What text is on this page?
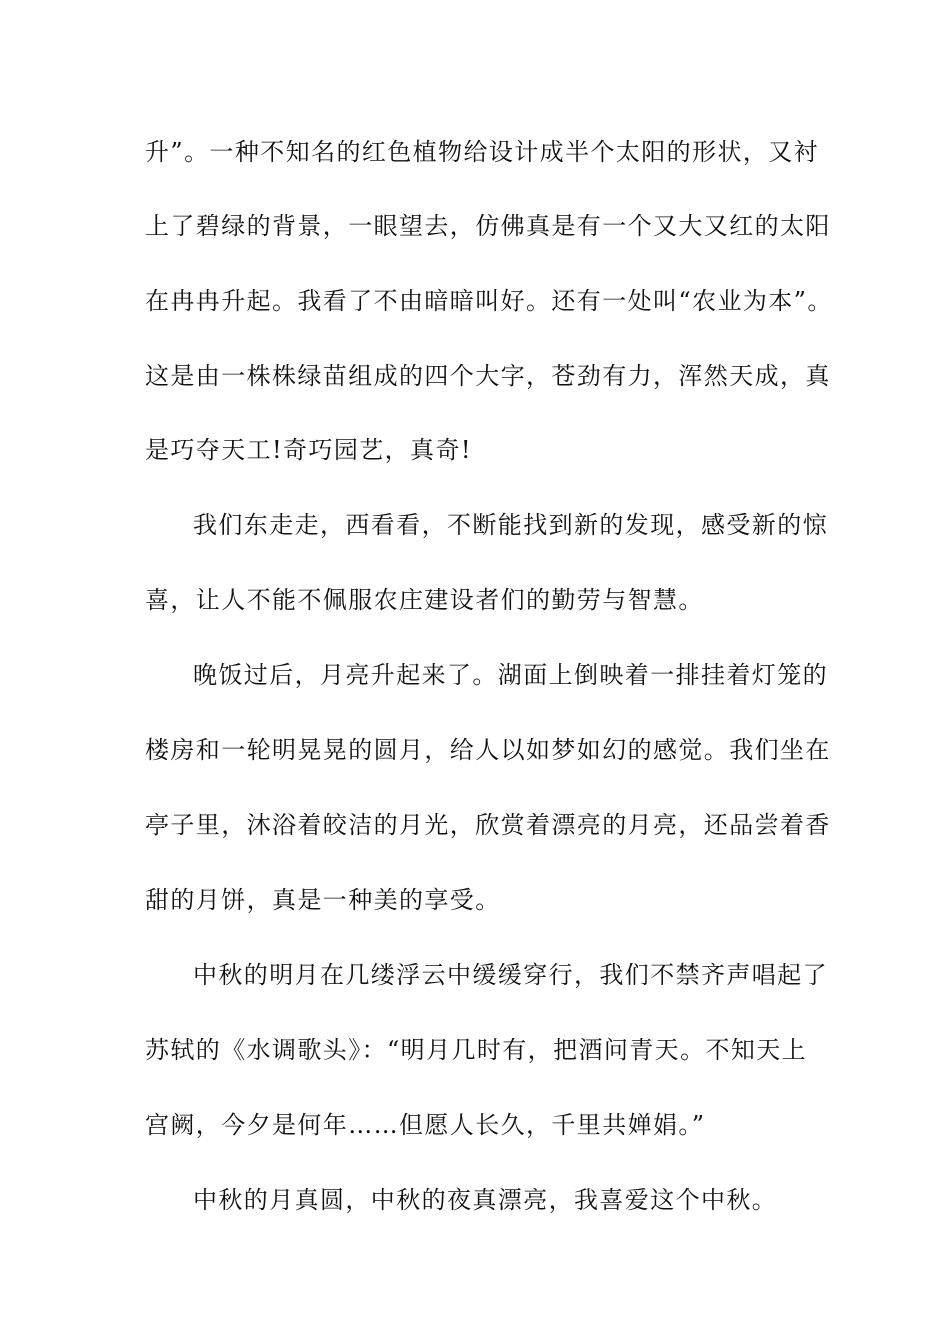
升”。一种不知名的红色植物给设计成半个太阳的形状，又衬
上了碧绿的背景，一眼望去，仿佛真是有一个又大又红的太阳
在冉冉升起。我看了不由暗暗叫好。还有一处叫“农业为本”。
这是由一株株绿苗组成的四个大字，苍劲有力，浑然天成，真
是巧夺天工!奇巧园艺，真奇!
我们东走走，西看看，不断能找到新的发现，感受新的惊
喜，让人不能不佩服农庄建设者们的勤劳与智慧。
晚饭过后，月亮升起来了。湖面上倒映着一排挂着灯笼的
楼房和一轮明晃晃的圆月，给人以如梦如幻的感觉。我们坐在
亭子里，沐浴着皎洁的月光，欣赏着漂亮的月亮，还品尝着香
甜的月饼，真是一种美的享受。
中秋的明月在几缕浮云中缓缓穿行，我们不禁齐声唱起了
苏轼的《水调歌头》：“明月几时有，把酒问青天。不知天上
宫阙，今夕是何年……但愿人长久，千里共婵娟。”
中秋的月真圆，中秋的夜真漂亮，我喜爱这个中秋。
